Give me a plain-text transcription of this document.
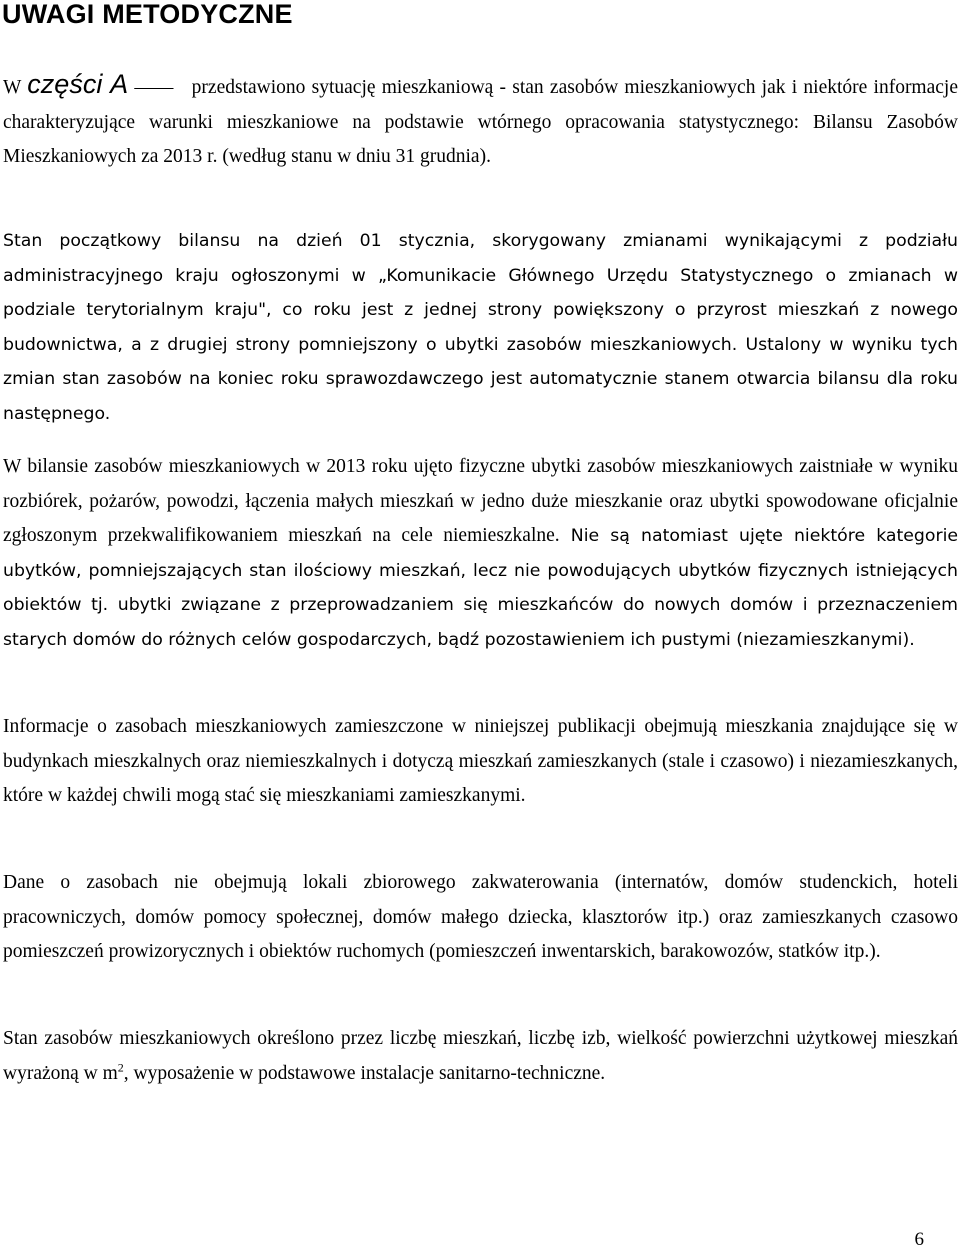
UWAGI METODYCZNE

W części A —— przedstawiono sytuację mieszkaniową - stan zasobów mieszkaniowych jak i niektóre informacje charakteryzujące warunki mieszkaniowe na podstawie wtórnego opracowania statystycznego: Bilansu Zasobów Mieszkaniowych za 2013 r. (według stanu w dniu 31 grudnia).

Stan początkowy bilansu na dzień 01 stycznia, skorygowany zmianami wynikającymi z podziału administracyjnego kraju ogłoszonymi w „Komunikacie Głównego Urzędu Statystycznego o zmianach w podziale terytorialnym kraju", co roku jest z jednej strony powiększony o przyrost mieszkań z nowego budownictwa, a z drugiej strony pomniejszony o ubytki zasobów mieszkaniowych. Ustalony w wyniku tych zmian stan zasobów na koniec roku sprawozdawczego jest automatycznie stanem otwarcia bilansu dla roku następnego.

W bilansie zasobów mieszkaniowych w 2013 roku ujęto fizyczne ubytki zasobów mieszkaniowych zaistniałe w wyniku rozbiórek, pożarów, powodzi, łączenia małych mieszkań w jedno duże mieszkanie oraz ubytki spowodowane oficjalnie zgłoszonym przekwalifikowaniem mieszkań na cele niemieszkalne. Nie są natomiast ujęte niektóre kategorie ubytków, pomniejszających stan ilościowy mieszkań, lecz nie powodujących ubytków fizycznych istniejących obiektów tj. ubytki związane z przeprowadzaniem się mieszkańców do nowych domów i przeznaczeniem starych domów do różnych celów gospodarczych, bądź pozostawieniem ich pustymi (niezamieszkanymi).

Informacje o zasobach mieszkaniowych zamieszczone w niniejszej publikacji obejmują mieszkania znajdujące się w budynkach mieszkalnych oraz niemieszkalnych i dotyczą mieszkań zamieszkanych (stale i czasowo) i niezamieszkanych, które w każdej chwili mogą stać się mieszkaniami zamieszkanymi.

Dane o zasobach nie obejmują lokali zbiorowego zakwaterowania (internatów, domów studenckich, hoteli pracowniczych, domów pomocy społecznej, domów małego dziecka, klasztorów itp.) oraz zamieszkanych czasowo pomieszczeń prowizorycznych i obiektów ruchomych (pomieszczeń inwentarskich, barakowozów, statków itp.).

Stan zasobów mieszkaniowych określono przez liczbę mieszkań, liczbę izb, wielkość powierzchni użytkowej mieszkań wyrażoną w $m^2$, wyposażenie w podstawowe instalacje sanitarno-techniczne.

6
